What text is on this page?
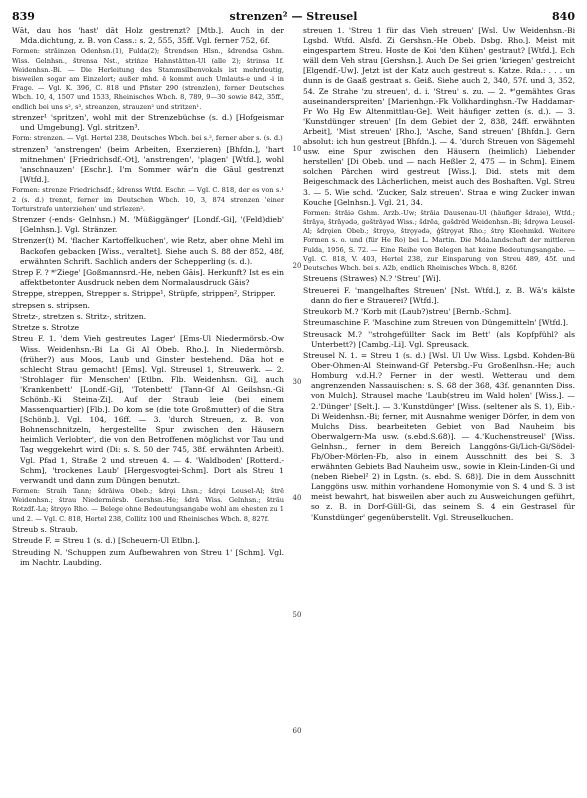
839	strenzen² — Streusel	840

Wāt, dau hos 'hast' dāt Holz gestrenzt? [Mtb.]. Auch in der Mda.dichtung, z. B. von Cass.: s. 2, 555, 35ff. Vgl. ferner 752, 6f.

Formen: strāinzen Odenhsn.(1), Fulda(2); Štrendsen Hlsn., šdrendsa Gshm. Wiss. Gelnhsn., štrensa Nst., striṅze Hahnstätten-Ul (alle 2); štrinsa 1f. Weidenhsn.-Bi. — Die Herleitung des Stammsilbenvokals ist mehrdeutig, bisweilen sogar am Einzelort; außer mhd. ē kommt auch Umlauts-e und -i in Frage. — Vgl. K. 396, C. 818 und Pfister 290 (strenzlen), ferner Deutsches Wbch. 10, 4, 1507 und 1533, Rheinisches Wbch. 8, 789, 9—30 sowie 842, 35ff., endlich bei uns s², s³, streanzen, strauzen² und stritzen¹.

strenzer¹ 'spritzen', wohl mit der Strenzebüchse (s. d.) [Hofgeismar und Umgebung]. Vgl. stritzen³.

Form: strenzen. — Vgl. Hertel 238, Deutsches Wbch. bei s.², ferner aber s. (s. d.)

strenzen³ 'anstrengen' (beim Arbeiten, Exerzieren) [Bhfdn.], 'hart mitnehmen' [Friedrichsdf.-Ot], 'anstrengen', 'plagen' [Wtfd.], wohl 'anschnauzen' [Eschr.]. I'm Sommer wār'n die Gāul gestrenzt [Wtfd.].

Formen: strenze Friedrichsdf.; šdrenss Wtfd. Eschr. — Vgl. C. 818, der es von s.¹ 2 (s. d.) trennt, ferner im Deutschen Wbch. 10, 3, 874 strenzen 'einer Torturstrafe unterziehen' und strīezen².

Strenzer (-ends- Gelnhsn.) M. 'Müßiggänger' [Londf.-Gi], '(Feld)dieb' [Gelnhsn.]. Vgl. Stränzer.

Strenzer(t) M. 'flacher Kartoffelkuchen', wie Retz, aber ohne Mehl im Backofen gebacken [Wiss., veraltet]. Siehe auch S. 88 der 852, 48f, erwähnten Schrift. Sachlich anders der Schepperling (s. d.).

Strep F. ? *'Ziege' [Goßmannsrd.-He, neben Gāis]. Herkunft? Ist es ein affektbetonter Ausdruck neben dem Normalausdruck Gāis?

Streppe, streppen, Strepper s. Strippe¹, Strüpfe, strippen², Stripper.

strepsen s. stripsen.

Stretz-, stretzen s. Stritz-, stritzen.

Stretze s. Strotze

Streu F. 1. 'dem Vieh gestreutes Lager' [Ems-Ul Niedermörsb.-Ow Wiss. Weidenhsn.-Bi La Gi Al Obeb. Rho.]. In Niedermörsb. (früher?) aus Moos, Laub und Ginster bestehend. Dāa hot e schlecht Strau gemacht! [Ems]. Vgl. Streusel 1, Streuwerk. — 2. 'Strohlager für Menschen' [Etlbn. Flb. Weidenhsn. Gi], auch 'Krankenbett' [Londf.-Gi], 'Totenbett' [Tann-Gf Al Geilshsn.-Gi Schönb.-Ki Steina-Zi]. Auf der Straub leie (bei einem Massenquartier) [Flb.]. Do kom se (die tote Großmutter) of die Stra [Schönb.]. Vgl. 104, 16ff. — 3. 'durch Streuen, z. B. von Bohnenschnitzeln, hergestellte Spur zwischen den Häusern heimlich Verlobter', die von den Betroffenen möglichst vor Tau und Tag weggekehrt wird (Di: s. S. 50 der 745, 38f. erwähnten Arbeit). Vgl. Pfad 1, Straße 2 und streuen 4. — 4. 'Waldboden' [Rotterd.-Schm], 'trockenes Laub' [Hergesvogtei-Schm]. Dort als Streu 1 verwandt und dann zum Düngen benutzt.

Formen: Straih Tann; šdrāiwa Obeb.; šdrǫi Lhsn.; šdrǫi Leusel-Al; štrē Weidenhsn.; štrau Niedermörsb. Gershsn.-He; šdrā Wiss. Gelnhsn.; šträu Rotzdf.-La; štrǫyo Rho. — Belege ohne Bedeutungsangabe wohl am ehesten zu 1 und 2. — Vgl. C. 818, Hertel 238, Collitz 100 und Rheinisches Wbch. 8, 827f.

Streub s. Straub.

Streude F. = Streu 1 (s. d.) [Scheuern-Ul Etlbn.].

Streuding N. 'Schuppen zum Aufbewahren von Streu 1' [Schm]. Vgl. im Nachtr. Laubding.

streuen 1. 'Streu 1 für das Vieh streuen' [Wsl. Uw Weidenhsn.-Bi Lgsbd. Wtfd. Alsfd. Zi Gershsn.-He Obeb. Dsbg. Rho.]. Meist mit eingespartem Streu. Hoste de Koi 'den Kühen' gestraut? [Wtfd.]. Ech wäll dem Veh strau [Gershsn.]. Auch De Sei grien 'kriegen' gestreicht [Elgendf.-Uw]. Jetzt ist der Katz auch gestreut s. Katze. Rda.: . . . un dunn is de Gaaß gestraat s. Geiß. Siehe auch 2, 340, 57f. und 3, 352, 54. Ze Strahe 'zu streuen', d. i. 'Streu' s. zu. — 2. *'gemähtes Gras auseinanderspreiten' [Marienhgn.-Fk Volkhardinghsn.-Tw Haddamar-Fr Wo Hg Ew Altenmittlau-Ge]. Weit häufiger zetten (s. d.). — 3. 'Kunstdünger streuen' [In dem Gebiet der 2, 838, 24ff. erwähnten Arbeit], 'Mist streuen' [Rho.], 'Asche, Sand streuen' [Bhfdn.]. Gern absolut: ich hun gestreut [Bhfdn.]. — 4. 'durch Streuen von Sägemehl usw. eine Spur zwischen den Häusern (heimlich) Liebender herstellen' [Di Obeb. und — nach Heßler 2, 475 — in Schm]. Einem solchen Pärchen wird gestreut [Wiss.]. Did. stets mit dem Beigeschmack des Lächerlichen, meist auch des Boshaften. Vgl. Streu 3. — 5. Wie schd. 'Zucker, Salz streuen'. Straa e wing Zucker inwan Kouche [Gelnhsn.]. Vgl. 21, 34.

Formen: štrāiə Gshm. Arzb.-Uw; štrāia Dausenau-Ul (häufiger šdraie), Wtfd.; štrāyə, štrāyədə, gəštrāyəd Wiss.; šdrēa, gəšdrēd Weidenhsn.-Bi; šdrǫwa Leusel-Al; šdrǫien Obeb.; štrǫyə, štrǫyədə, ǵštrǫyət Rho.; štrǫ Kleehmkd. Weitere Formen s. o. und (für He Ro) bei L. Martin. Die Mda.landschaft der mittleren Fulda, 1956, S. 72. — Eine Reihe von Belegen hat keine Bedeutungsangabe. — Vgl. C. 818, V. 403, Hertel 238, zur Einsparung von Streu 489, 45f. und Deutsches Wbch. bei s. A2b, endlich Rheinisches Wbch. 8, 826f.

Streuens (Strawes) N.? 'Streu' [Wi].

Streuerei F. 'mangelhaftes Streuen' [Nst. Wtfd.], z. B. Wā's kälste dann do fier e Strauerei? [Wtfd.].

Streukorb M.? 'Korb mit (Laub?)streu' [Bernb.-Schm].

Streumaschine F. 'Maschine zum Streuen von Düngemitteln' [Wtfd.].

Streusack M.? ''strohgefüllter Sack im Bett' (als Kopfpfühl? als Unterbett?) [Cambg.-Li]. Vgl. Spreusack.

Streusel N. 1. = Streu 1 (s. d.) [Wsl. Ul Uw Wiss. Lgsbd. Kohden-Bü Ober-Ohmen-Al Steinwand-Gf Petersbg.-Fu Großenlhsn.-He; auch Homburg v.d.H.? Ferner in der westl. Wetterau und dem angrenzenden Nassauischen: s. S. 68 der 368, 43f. genannten Diss. von Mulch]. Strausel mache 'Laub(streu im Wald holen' [Wiss.]. — 2.'Dünger' [Selt.]. — 3.'Kunstdünger' [Wiss. (seltener als S. 1), Eib.-Di Weidenhsn.-Bi; ferner, mit Ausnahme weniger Dörfer, in dem von Mulchs Diss. bearbeiteten Gebiet von Bad Nauheim bis Oberwalgern-Ma usw. (s.ebd.S.68)]. — 4.'Kuchenstreusel' [Wiss. Gelnhsn., ferner in dem Bereich Langgöns-Gi/Lich-Gi/Södel-Fb/Ober-Mörlen-Fb, also in einem Ausschnitt des bei S. 3 erwähnten Gebiets Bad Nauheim usw., sowie in Klein-Linden-Gi und (neben Riebel² 2) in Lgstn. (s. ebd. S. 68)]. Die in dem Ausschnitt Langgöns usw. mithin vorhandene Homonymie von S. 4 und S. 3 ist meist bewahrt, hat bisweilen aber auch zu Ausweichungen geführt, so z. B. in Dorf-Güll-Gi, das seinem S. 4 ein Gestrasel für 'Kunstdünger' gegenüberstellt. Vgl. Streuselkuchen.

10
20
30
40
50
60
